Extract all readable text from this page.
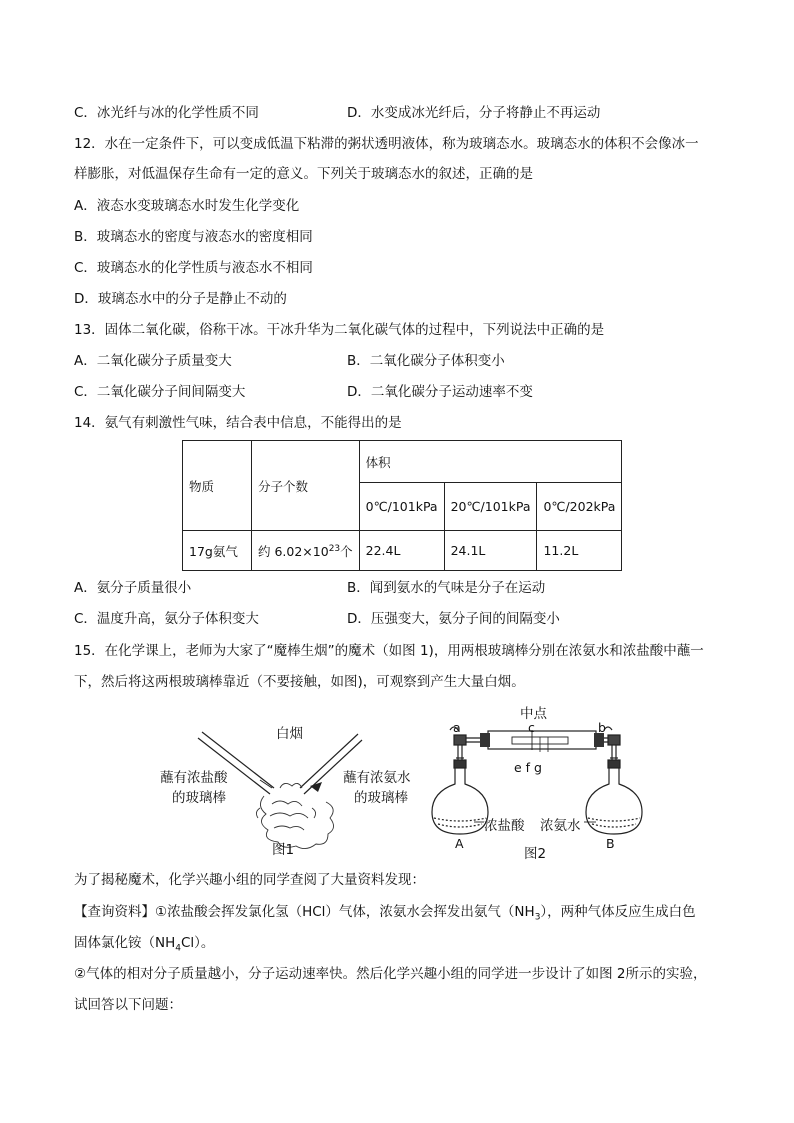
C．冰光纤与冰的化学性质不同	D．水变成冰光纤后，分子将静止不再运动
12．水在一定条件下，可以变成低温下粘滞的粥状透明液体，称为玻璃态水。玻璃态水的体积不会像冰一
样膨胀，对低温保存生命有一定的意义。下列关于玻璃态水的叙述，正确的是
A．液态水变玻璃态水时发生化学变化
B．玻璃态水的密度与液态水的密度相同
C．玻璃态水的化学性质与液态水不相同
D．玻璃态水中的分子是静止不动的
13．固体二氧化碳，俗称干冰。干冰升华为二氧化碳气体的过程中，下列说法中正确的是
A．二氧化碳分子质量变大	B．二氧化碳分子体积变小
C．二氧化碳分子间间隔变大	D．二氧化碳分子运动速率不变
14．氨气有刺激性气味，结合表中信息，不能得出的是
物质	分子个数	体积		
		0℃/101kPa	20℃/101kPa	0℃/202kPa
17g氨气	约 $6.02\times 10^{23}$个	22.4L	24.1L	11.2L
A．氨分子质量很小	B．闻到氨水的气味是分子在运动
C．温度升高，氨分子体积变大	D．压强变大，氨分子间的间隔变小
15．在化学课上，老师为大家了“魔棒生烟”的魔术（如图 1)，用两根玻璃棒分别在浓氨水和浓盐酸中蘸一
下，然后将这两根玻璃棒靠近（不要接触，如图)，可观察到产生大量白烟。
白烟
蘸有浓盐酸
的玻璃棒
蘸有浓氨水
的玻璃棒
图1
中点
a	b
c
e f g
浓盐酸 浓氨水
A	B
图2
为了揭秘魔术，化学兴趣小组的同学查阅了大量资料发现：
【查询资料】①浓盐酸会挥发氯化氢（HCl）气体，浓氨水会挥发出氨气$(NH_3)$，两种气体反应生成白色
固体氯化铵$(NH_4Cl)$。
②气体的相对分子质量越小，分子运动速率快。然后化学兴趣小组的同学进一步设计了如图 2所示的实验，
试回答以下问题：
